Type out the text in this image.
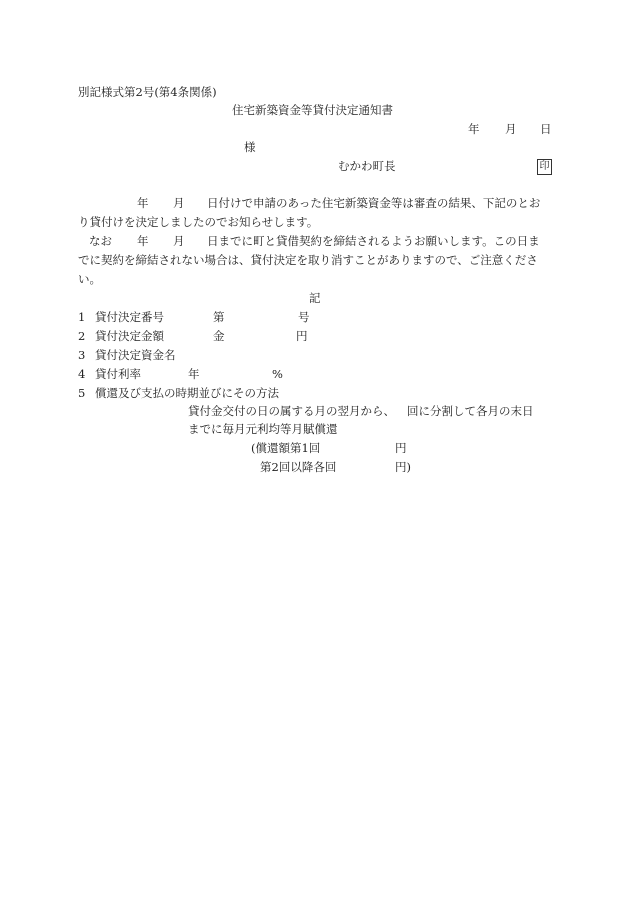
別記様式第2号(第4条関係)
住宅新築資金等貸付決定通知書
年 月 日
様
むかわ町長	印
年 月 日付けで申請のあった住宅新築資金等は審査の結果、下記のとお
り貸付けを決定しましたのでお知らせします。
なお 年 月 日までに町と貸借契約を締結されるようお願いします。この日ま
でに契約を締結されない場合は、貸付決定を取り消すことがありますので、ご注意くださ
い。
記
1 貸付決定番号	第	号
2 貸付決定金額	金	円
3 貸付決定資金名
4 貸付利率	年	%
5 償還及び支払の時期並びにその方法
貸付金交付の日の属する月の翌月から、 回に分割して各月の末日
までに毎月元利均等月賦償還
(償還額第1回	円
第2回以降各回	円)
